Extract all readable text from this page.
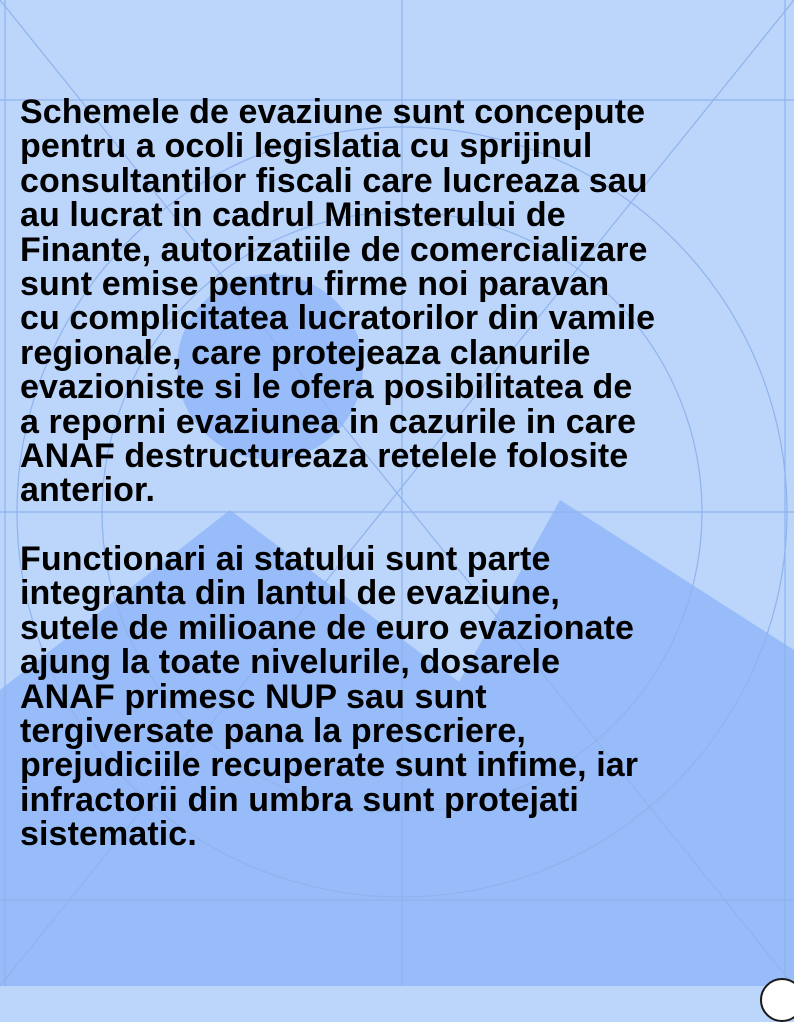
Schemele de evaziune sunt concepute
pentru a ocoli legislatia cu sprijinul
consultantilor fiscali care lucreaza sau
au lucrat in cadrul Ministerului de
Finante, autorizatiile de comercializare
sunt emise pentru firme noi paravan
cu complicitatea lucratorilor din vamile
regionale, care protejeaza clanurile
evazioniste si le ofera posibilitatea de
a reporni evaziunea in cazurile in care
ANAF destructureaza retelele folosite
anterior.

Functionari ai statului sunt parte
integranta din lantul de evaziune,
sutele de milioane de euro evazionate
ajung la toate nivelurile, dosarele
ANAF primesc NUP sau sunt
tergiversate pana la prescriere,
prejudiciile recuperate sunt infime, iar
infractorii din umbra sunt protejati
sistematic.
